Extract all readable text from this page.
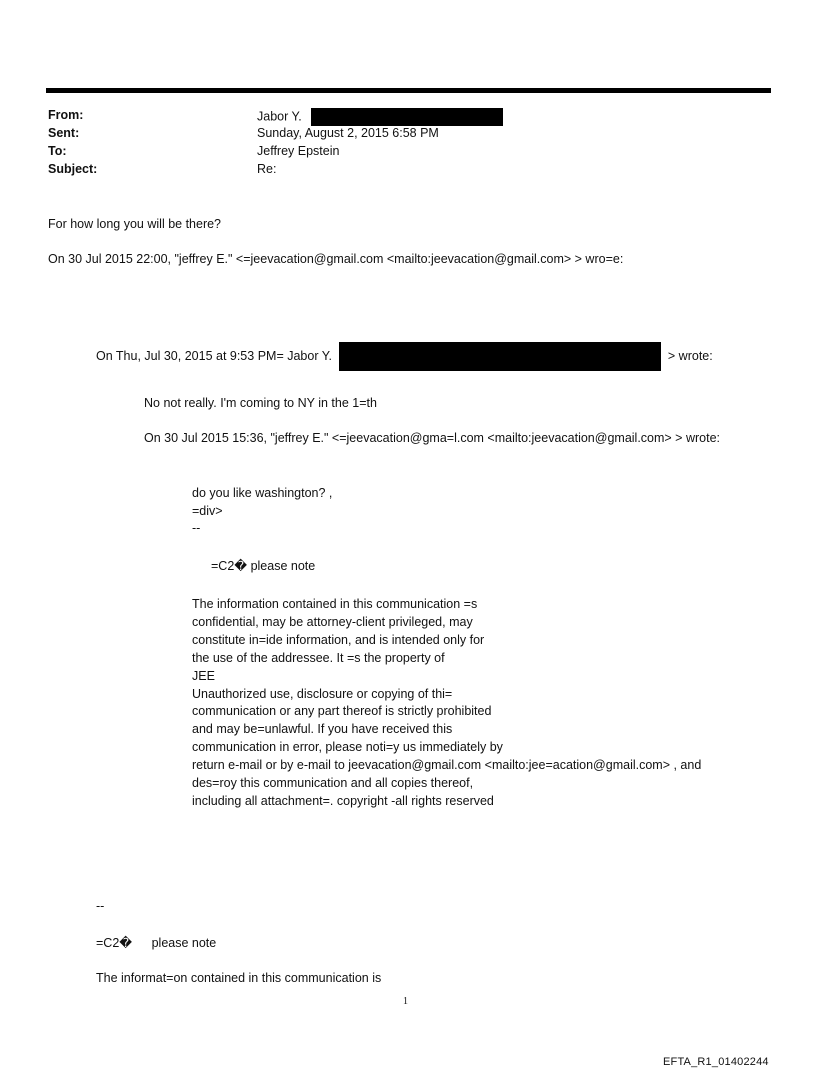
From:	Jabor Y.
Sent:	Sunday, August 2, 2015 6:58 PM
To:	Jeffrey Epstein
Subject:	Re:
For how long you will be there?
On 30 Jul 2015 22:00, "jeffrey E." <=jeevacation@gmail.com <mailto:jeevacation@gmail.com> > wro=e:
On Thu, Jul 30, 2015 at 9:53 PM= Jabor Y.	> wrote:
No not really. I'm coming to NY in the 1=th
On 30 Jul 2015 15:36, "jeffrey E." <=jeevacation@gma=l.com <mailto:jeevacation@gmail.com> > wrote:
do you like washington? ,
=div>
--
=C2� please note
The information contained in this communication =s
confidential, may be attorney-client privileged, may
constitute in=ide information, and is intended only for
the use of the addressee. It =s the property of
JEE
Unauthorized use, disclosure or copying of thi=
communication or any part thereof is strictly prohibited
and may be=unlawful. If you have received this
communication in error, please noti=y us immediately by
return e-mail or by e-mail to jeevacation@gmail.com <mailto:jee=acation@gmail.com> , and
des=roy this communication and all copies thereof,
including all attachment=. copyright -all rights reserved
--
=C2� please note
The informat=on contained in this communication is
1
EFTA_R1_01402244
